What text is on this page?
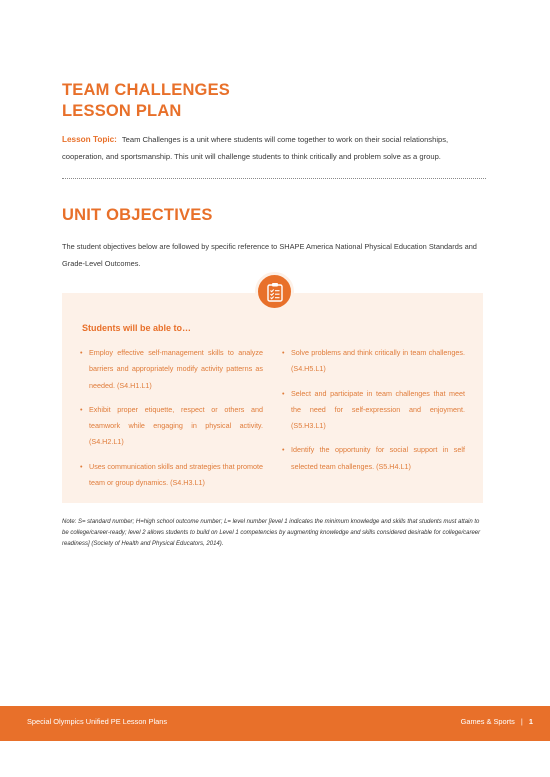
TEAM CHALLENGES
LESSON PLAN
Lesson Topic: Team Challenges is a unit where students will come together to work on their social relationships, cooperation, and sportsmanship. This unit will challenge students to think critically and problem solve as a group.
UNIT OBJECTIVES
The student objectives below are followed by specific reference to SHAPE America National Physical Education Standards and Grade-Level Outcomes.
Students will be able to…
• Employ effective self-management skills to analyze barriers and appropriately modify activity patterns as needed. (S4.H1.L1)
• Exhibit proper etiquette, respect or others and teamwork while engaging in physical activity. (S4.H2.L1)
• Uses communication skills and strategies that promote team or group dynamics. (S4.H3.L1)
• Solve problems and think critically in team challenges. (S4.H5.L1)
• Select and participate in team challenges that meet the need for self-expression and enjoyment. (S5.H3.L1)
• Identify the opportunity for social support in self selected team challenges. (S5.H4.L1)
Note: S= standard number; H=high school outcome number; L= level number [level 1 indicates the minimum knowledge and skills that students must attain to be college/career-ready; level 2 allows students to build on Level 1 competencies by augmenting knowledge and skills considered desirable for college/career readiness] (Society of Health and Physical Educators, 2014).
Special Olympics Unified PE Lesson Plans	Games & Sports | 1
